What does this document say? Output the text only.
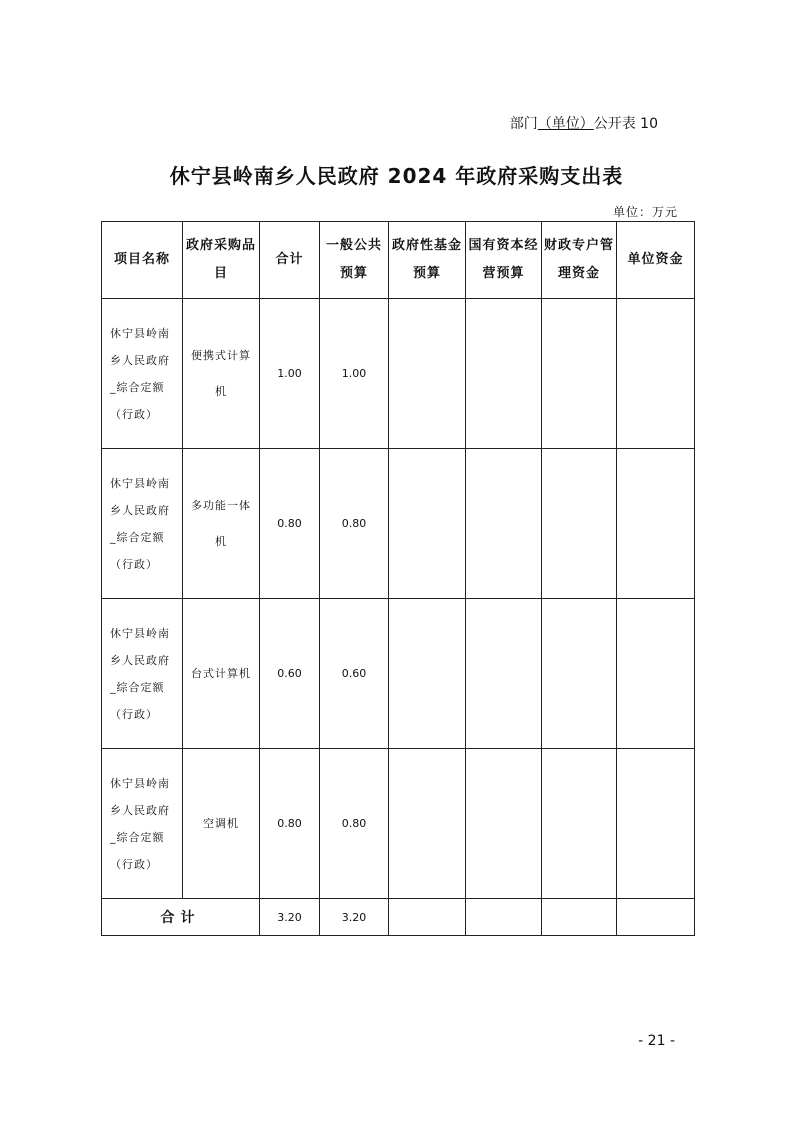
部门（单位）公开表 10
休宁县岭南乡人民政府 2024 年政府采购支出表
单位：万元
项目名称	政府采购品目	合计	一般公共预算	政府性基金预算	国有资本经营预算	财政专户管理资金	单位资金
休宁县岭南乡人民政府_综合定额（行政）	便携式计算机	1.00	1.00				
休宁县岭南乡人民政府_综合定额（行政）	多功能一体机	0.80	0.80				
休宁县岭南乡人民政府_综合定额（行政）	台式计算机	0.60	0.60				
休宁县岭南乡人民政府_综合定额（行政）	空调机	0.80	0.80				
合计		3.20	3.20				
- 21 -
